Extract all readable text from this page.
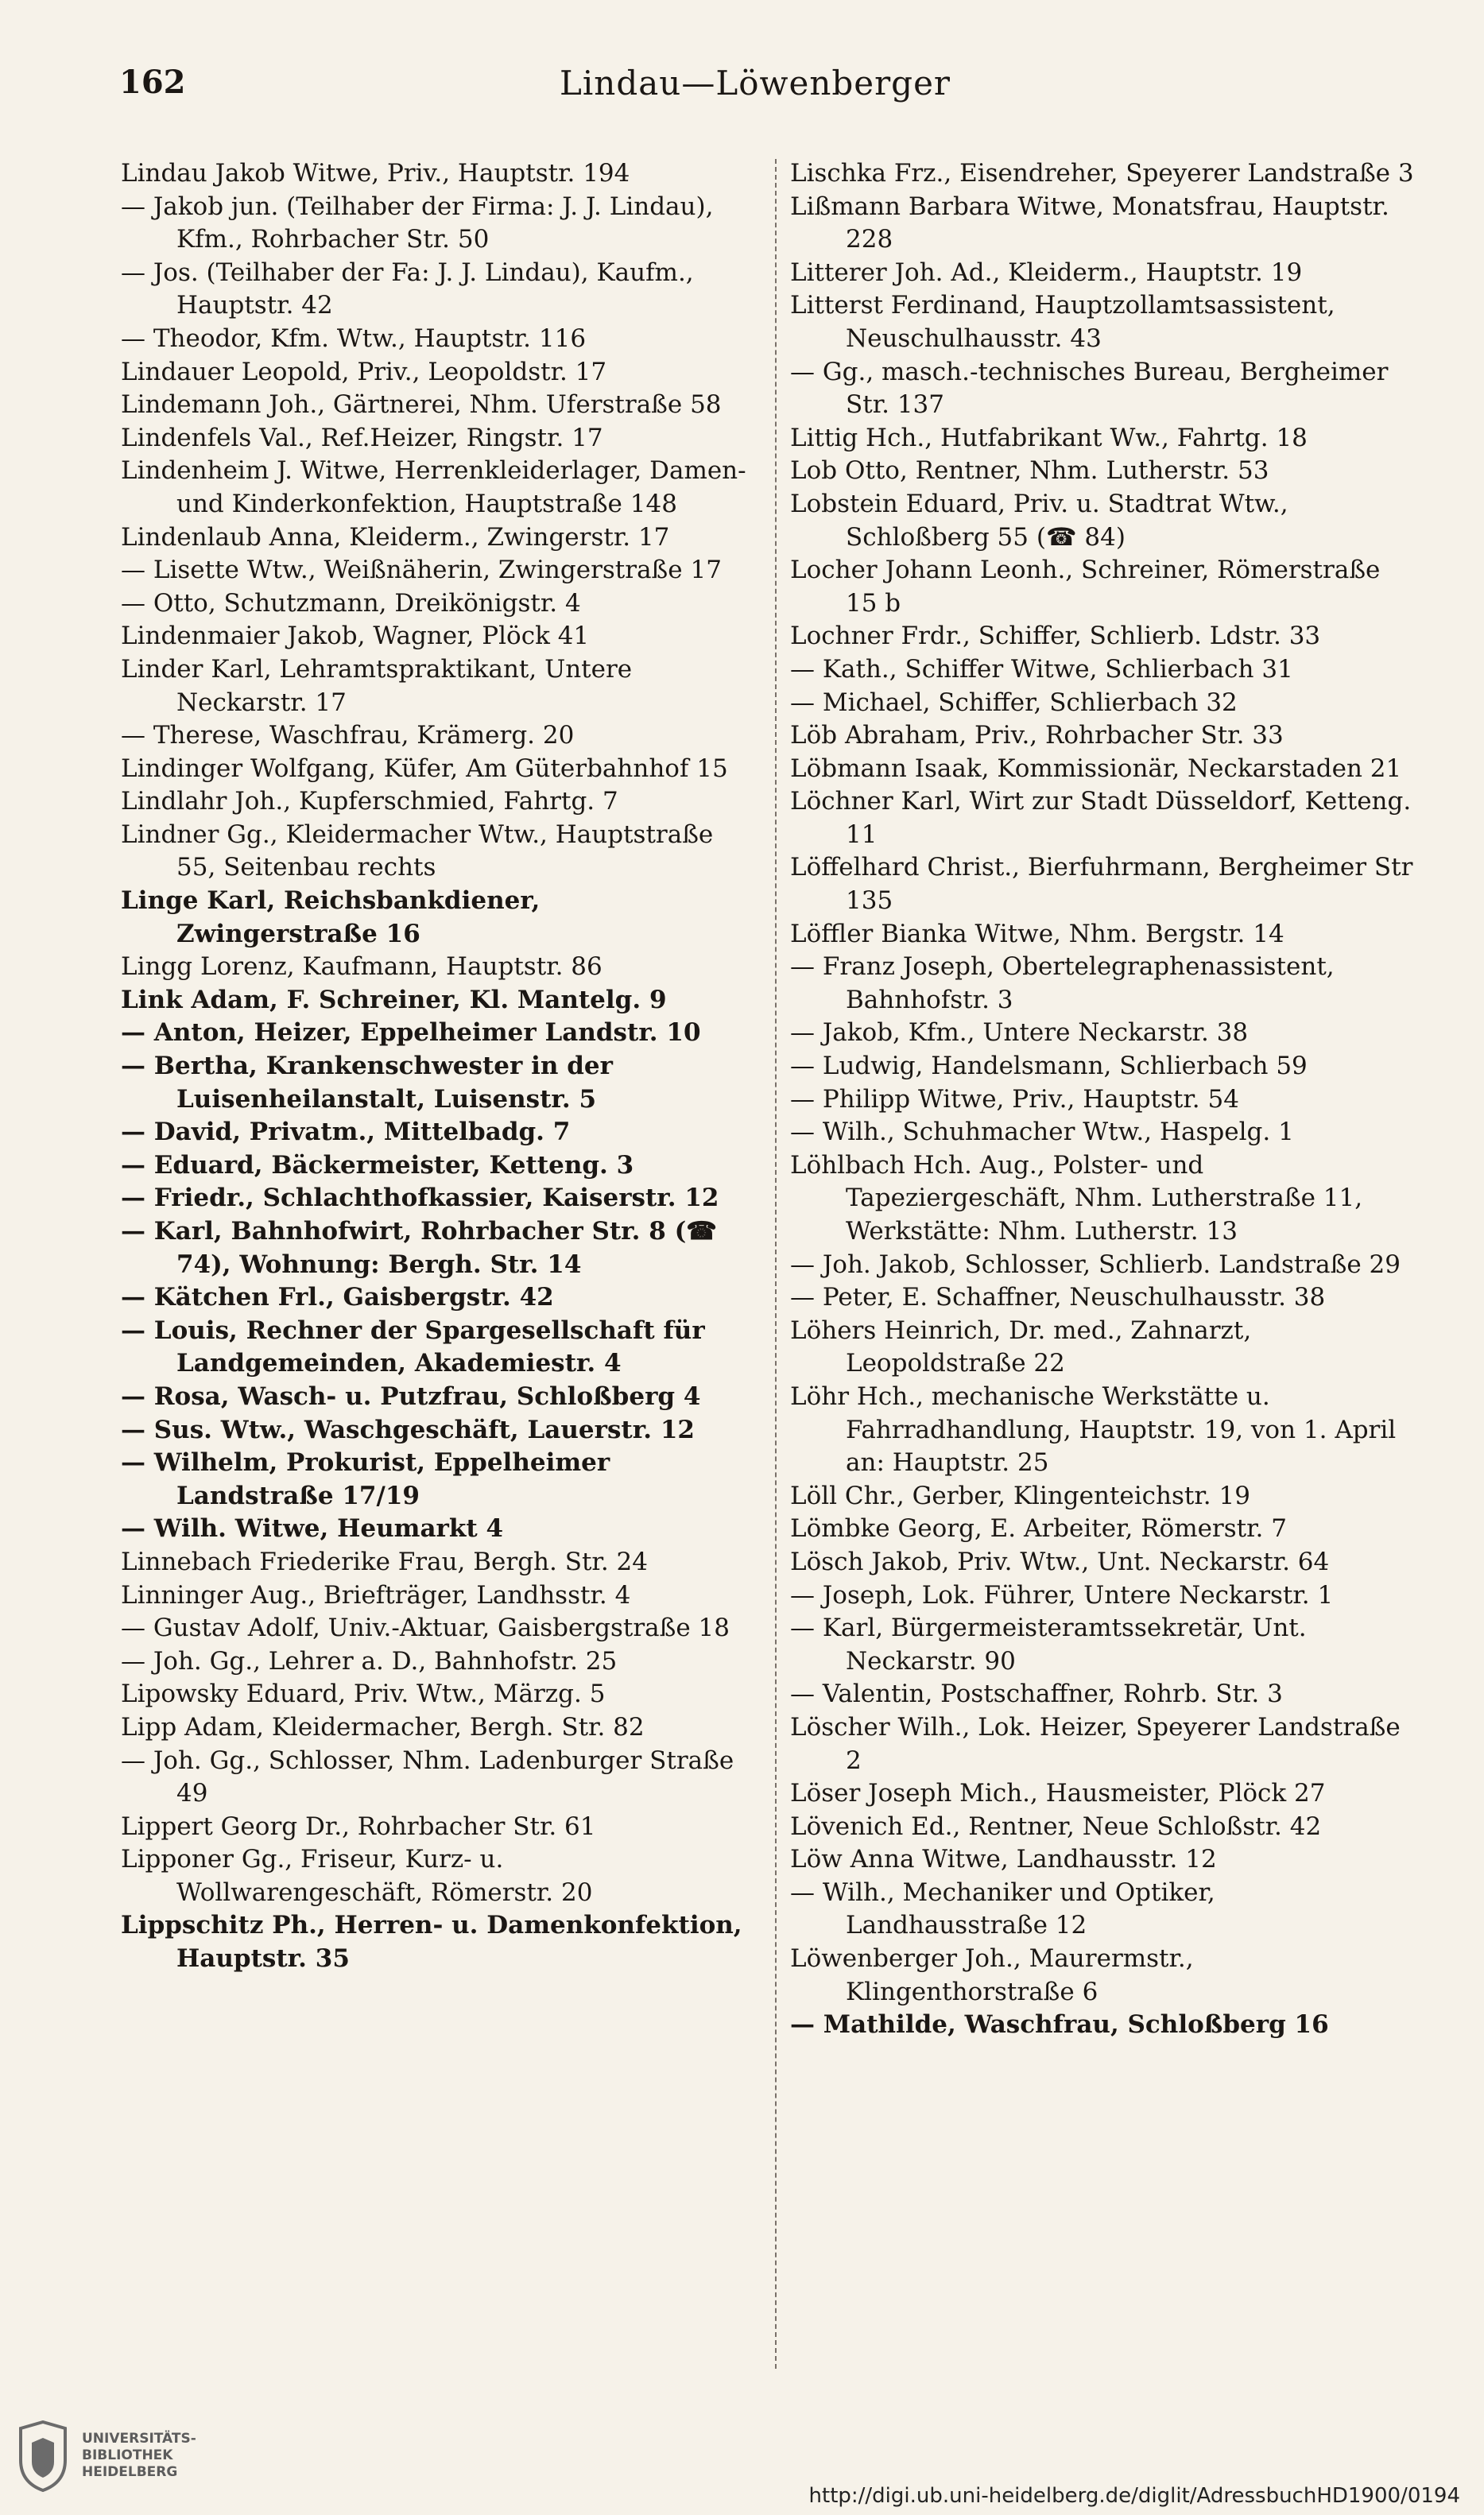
162	Lindau—Löwenberger
Lindau Jakob Witwe, Priv., Hauptstr. 194
— Jakob jun. (Teilhaber der Firma: J. J. Lindau), Kfm., Rohrbacher Str. 50
— Jos. (Teilhaber der Fa: J. J. Lindau), Kaufm., Hauptstr. 42
— Theodor, Kfm. Wtw., Hauptstr. 116
Lindauer Leopold, Priv., Leopoldstr. 17
Lindemann Joh., Gärtnerei, Nhm. Uferstraße 58
Lindenfels Val., Ref.Heizer, Ringstr. 17
Lindenheim J. Witwe, Herrenkleiderlager, Damen- und Kinderkonfektion, Hauptstraße 148
Lindenlaub Anna, Kleiderm., Zwingerstr. 17
— Lisette Wtw., Weißnäherin, Zwingerstraße 17
— Otto, Schutzmann, Dreikönigstr. 4
Lindenmaier Jakob, Wagner, Plöck 41
Linder Karl, Lehramtspraktikant, Untere Neckarstr. 17
— Therese, Waschfrau, Krämerg. 20
Lindinger Wolfgang, Küfer, Am Güterbahnhof 15
Lindlahr Joh., Kupferschmied, Fahrtg. 7
Lindner Gg., Kleidermacher Wtw., Hauptstraße 55, Seitenbau rechts
Linge Karl, Reichsbankdiener, Zwingerstraße 16
Lingg Lorenz, Kaufmann, Hauptstr. 86
Link Adam, F. Schreiner, Kl. Mantelg. 9
— Anton, Heizer, Eppelheimer Landstr. 10
— Bertha, Krankenschwester in der Luisenheilanstalt, Luisenstr. 5
— David, Privatm., Mittelbadg. 7
— Eduard, Bäckermeister, Ketteng. 3
— Friedr., Schlachthofkassier, Kaiserstr. 12
— Karl, Bahnhofwirt, Rohrbacher Str. 8 (☎ 74), Wohnung: Bergh. Str. 14
— Kätchen Frl., Gaisbergstr. 42
— Louis, Rechner der Spargesellschaft für Landgemeinden, Akademiestr. 4
— Rosa, Wasch- u. Putzfrau, Schloßberg 4
— Sus. Wtw., Waschgeschäft, Lauerstr. 12
— Wilhelm, Prokurist, Eppelheimer Landstraße 17/19
— Wilh. Witwe, Heumarkt 4
Linnebach Friederike Frau, Bergh. Str. 24
Linninger Aug., Briefträger, Landhsstr. 4
— Gustav Adolf, Univ.-Aktuar, Gaisbergstraße 18
— Joh. Gg., Lehrer a. D., Bahnhofstr. 25
Lipowsky Eduard, Priv. Wtw., Märzg. 5
Lipp Adam, Kleidermacher, Bergh. Str. 82
— Joh. Gg., Schlosser, Nhm. Ladenburger Straße 49
Lippert Georg Dr., Rohrbacher Str. 61
Lipponer Gg., Friseur, Kurz- u. Wollwarengeschäft, Römerstr. 20
Lippschitz Ph., Herren- u. Damenkonfektion, Hauptstr. 35
Lischka Frz., Eisendreher, Speyerer Landstraße 3
Lißmann Barbara Witwe, Monatsfrau, Hauptstr. 228
Litterer Joh. Ad., Kleiderm., Hauptstr. 19
Litterst Ferdinand, Hauptzollamtsassistent, Neuschulhausstr. 43
— Gg., masch.-technisches Bureau, Bergheimer Str. 137
Littig Hch., Hutfabrikant Ww., Fahrtg. 18
Lob Otto, Rentner, Nhm. Lutherstr. 53
Lobstein Eduard, Priv. u. Stadtrat Wtw., Schloßberg 55 (☎ 84)
Locher Johann Leonh., Schreiner, Römerstraße 15 b
Lochner Frdr., Schiffer, Schlierb. Ldstr. 33
— Kath., Schiffer Witwe, Schlierbach 31
— Michael, Schiffer, Schlierbach 32
Löb Abraham, Priv., Rohrbacher Str. 33
Löbmann Isaak, Kommissionär, Neckarstaden 21
Löchner Karl, Wirt zur Stadt Düsseldorf, Ketteng. 11
Löffelhard Christ., Bierfuhrmann, Bergheimer Str 135
Löffler Bianka Witwe, Nhm. Bergstr. 14
— Franz Joseph, Obertelegraphenassistent, Bahnhofstr. 3
— Jakob, Kfm., Untere Neckarstr. 38
— Ludwig, Handelsmann, Schlierbach 59
— Philipp Witwe, Priv., Hauptstr. 54
— Wilh., Schuhmacher Wtw., Haspelg. 1
Löhlbach Hch. Aug., Polster- und Tapeziergeschäft, Nhm. Lutherstraße 11, Werkstätte: Nhm. Lutherstr. 13
— Joh. Jakob, Schlosser, Schlierb. Landstraße 29
— Peter, E. Schaffner, Neuschulhausstr. 38
Löhers Heinrich, Dr. med., Zahnarzt, Leopoldstraße 22
Löhr Hch., mechanische Werkstätte u. Fahrradhandlung, Hauptstr. 19, von 1. April an: Hauptstr. 25
Löll Chr., Gerber, Klingenteichstr. 19
Lömbke Georg, E. Arbeiter, Römerstr. 7
Lösch Jakob, Priv. Wtw., Unt. Neckarstr. 64
— Joseph, Lok. Führer, Untere Neckarstr. 1
— Karl, Bürgermeisteramtssekretär, Unt. Neckarstr. 90
— Valentin, Postschaffner, Rohrb. Str. 3
Löscher Wilh., Lok. Heizer, Speyerer Landstraße 2
Löser Joseph Mich., Hausmeister, Plöck 27
Lövenich Ed., Rentner, Neue Schloßstr. 42
Löw Anna Witwe, Landhausstr. 12
— Wilh., Mechaniker und Optiker, Landhausstraße 12
Löwenberger Joh., Maurermstr., Klingenthorstraße 6
— Mathilde, Waschfrau, Schloßberg 16
UNIVERSITÄTS-
BIBLIOTHEK
HEIDELBERG
http://digi.ub.uni-heidelberg.de/diglit/AdressbuchHD1900/0194
